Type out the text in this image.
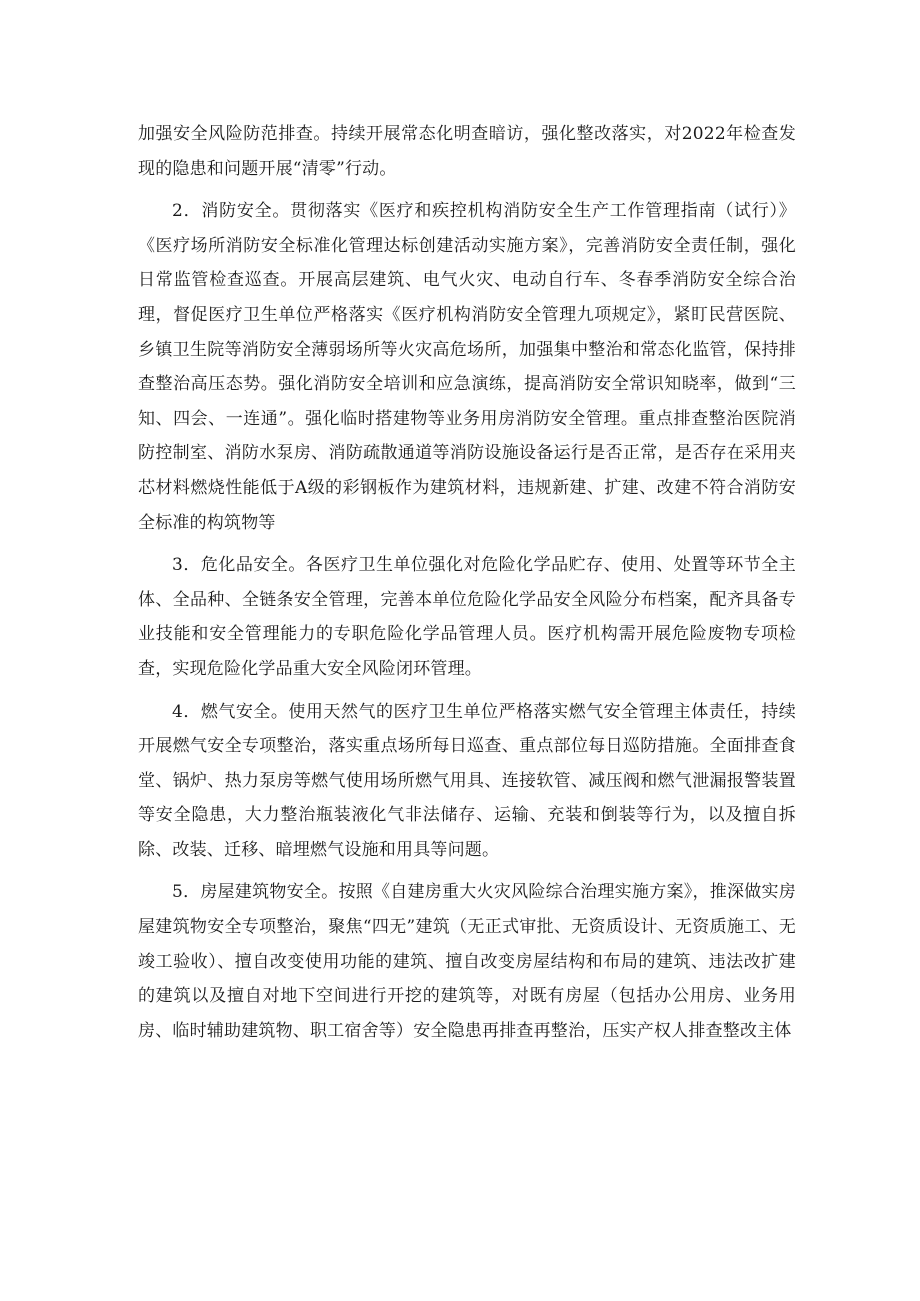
加强安全风险防范排查。持续开展常态化明查暗访，强化整改落实，对2022年检查发现的隐患和问题开展“清零”行动。

2．消防安全。贯彻落实《医疗和疾控机构消防安全生产工作管理指南（试行）》《医疗场所消防安全标准化管理达标创建活动实施方案》，完善消防安全责任制，强化日常监管检查巡查。开展高层建筑、电气火灾、电动自行车、冬春季消防安全综合治理，督促医疗卫生单位严格落实《医疗机构消防安全管理九项规定》，紧盯民营医院、乡镇卫生院等消防安全薄弱场所等火灾高危场所，加强集中整治和常态化监管，保持排查整治高压态势。强化消防安全培训和应急演练，提高消防安全常识知晓率，做到“三知、四会、一连通”。强化临时搭建物等业务用房消防安全管理。重点排查整治医院消防控制室、消防水泵房、消防疏散通道等消防设施设备运行是否正常，是否存在采用夹芯材料燃烧性能低于A级的彩钢板作为建筑材料，违规新建、扩建、改建不符合消防安全标准的构筑物等

3．危化品安全。各医疗卫生单位强化对危险化学品贮存、使用、处置等环节全主体、全品种、全链条安全管理，完善本单位危险化学品安全风险分布档案，配齐具备专业技能和安全管理能力的专职危险化学品管理人员。医疗机构需开展危险废物专项检查，实现危险化学品重大安全风险闭环管理。

4．燃气安全。使用天然气的医疗卫生单位严格落实燃气安全管理主体责任，持续开展燃气安全专项整治，落实重点场所每日巡查、重点部位每日巡防措施。全面排查食堂、锅炉、热力泵房等燃气使用场所燃气用具、连接软管、减压阀和燃气泄漏报警装置等安全隐患，大力整治瓶装液化气非法储存、运输、充装和倒装等行为，以及擅自拆除、改装、迁移、暗埋燃气设施和用具等问题。

5．房屋建筑物安全。按照《自建房重大火灾风险综合治理实施方案》，推深做实房屋建筑物安全专项整治，聚焦“四无”建筑（无正式审批、无资质设计、无资质施工、无竣工验收）、擅自改变使用功能的建筑、擅自改变房屋结构和布局的建筑、违法改扩建的建筑以及擅自对地下空间进行开挖的建筑等，对既有房屋（包括办公用房、业务用房、临时辅助建筑物、职工宿舍等）安全隐患再排查再整治，压实产权人排查整改主体
